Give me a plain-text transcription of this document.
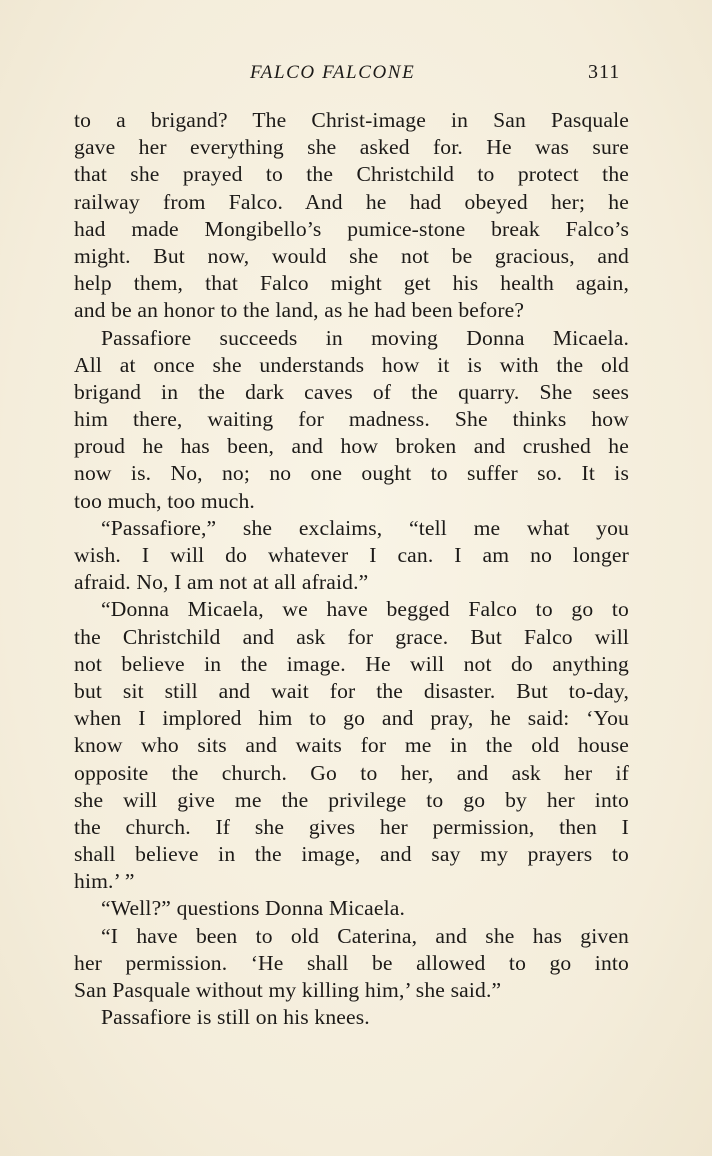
FALCO FALCONE	311
to a brigand? The Christ-image in San Pasquale
gave her everything she asked for. He was sure
that she prayed to the Christchild to protect the
railway from Falco. And he had obeyed her; he
had made Mongibello’s pumice-stone break Falco’s
might. But now, would she not be gracious, and
help them, that Falco might get his health again,
and be an honor to the land, as he had been before?
Passafiore succeeds in moving Donna Micaela.
All at once she understands how it is with the old
brigand in the dark caves of the quarry. She sees
him there, waiting for madness. She thinks how
proud he has been, and how broken and crushed he
now is. No, no; no one ought to suffer so. It is
too much, too much.
“Passafiore,” she exclaims, “tell me what you
wish. I will do whatever I can. I am no longer
afraid. No, I am not at all afraid.”
“Donna Micaela, we have begged Falco to go to
the Christchild and ask for grace. But Falco will
not believe in the image. He will not do anything
but sit still and wait for the disaster. But to-day,
when I implored him to go and pray, he said: ‘You
know who sits and waits for me in the old house
opposite the church. Go to her, and ask her if
she will give me the privilege to go by her into
the church. If she gives her permission, then I
shall believe in the image, and say my prayers to
him.’ ”
“Well?” questions Donna Micaela.
“I have been to old Caterina, and she has given
her permission. ‘He shall be allowed to go into
San Pasquale without my killing him,’ she said.”
Passafiore is still on his knees.
